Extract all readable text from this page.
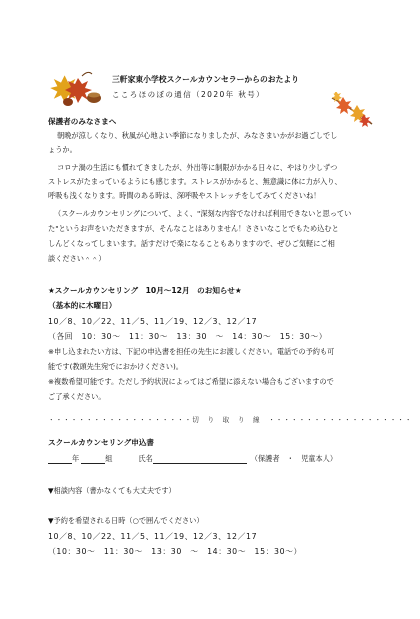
三軒家東小学校スクールカウンセラーからのおたより
こころほのぼの通信（2020年 秋号）
保護者のみなさまへ
朝晩が涼しくなり、秋風が心地よい季節になりましたが、みなさまいかがお過ごしでし
ょうか。
コロナ渦の生活にも慣れてきましたが、外出等に制限がかかる日々に、やはり少しずつ
ストレスがたまっているようにも感じます。ストレスがかかると、無意識に体に力が入り、
呼吸も浅くなります。時間のある時は、深呼吸やストレッチをしてみてくださいね！
（スクールカウンセリングについて、よく、"深刻な内容でなければ利用できないと思ってい
た"というお声をいただきますが、そんなことはありません！ささいなことでもため込むと
しんどくなってしまいます。話すだけで楽になることもありますので、ぜひご気軽にご相
談ください＾＾）
★スクールカウンセリング　10月～12月　のお知らせ★
（基本的に木曜日）
10／8、10／22、11／5、11／19、12／3、12／17
（各回　10：30～　11：30～　13：30　～　14：30～　15：30～）
※申し込まれたい方は、下記の申込書を担任の先生にお渡しください。電話での予約も可
能です(教頭先生宛でにおかけください)。
※複数希望可能です。ただし予約状況によってはご希望に添えない場合もございますので
ご了承ください。
・・・・・・・・・・・・・・・・・・・切　り　取　り　線　・・・・・・・・・・・・・・・・・・・
スクールカウンセリング申込書
年	組	氏名	（保護者　・　児童本人）
▼相談内容（書かなくても大丈夫です）
▼予約を希望される日時（○で囲んでください）
10／8、10／22、11／5、11／19、12／3、12／17
（10：30～　11：30～　13：30　～　14：30～　15：30～）
